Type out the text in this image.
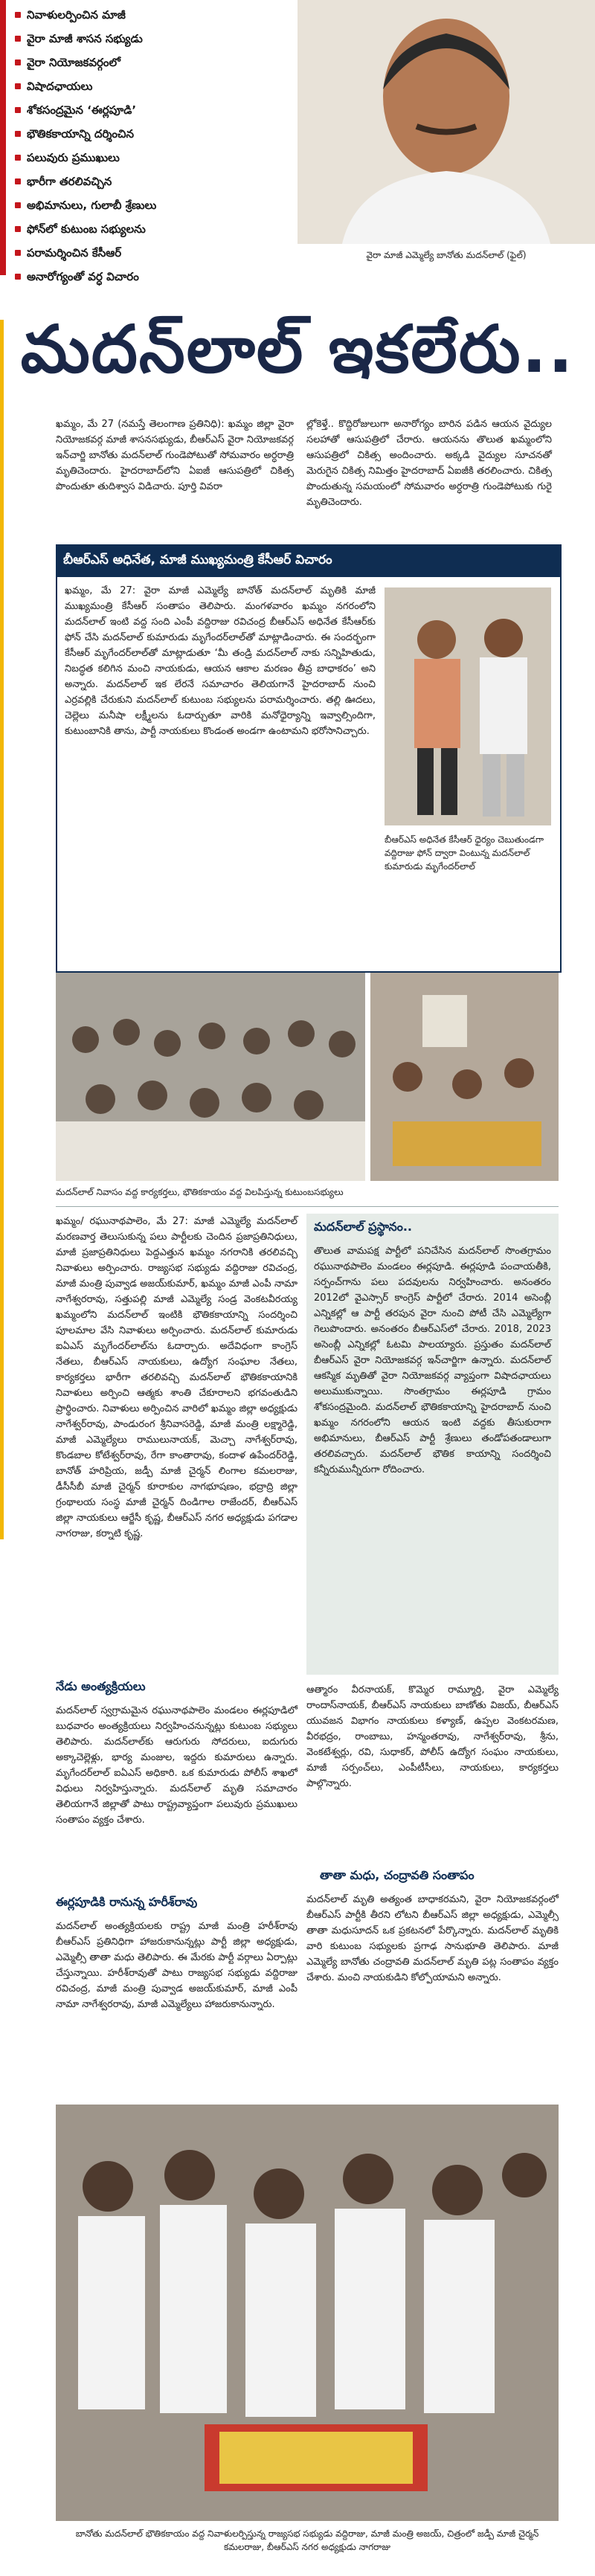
నివాళులర్పించిన మాజీ
వైరా మాజీ శాసన సభ్యుడు
వైరా నియోజకవర్గంలో
విషాదఛాయలు
శోకసంద్రమైన ‘ఈర్లపూడి’
భౌతికకాయాన్ని దర్శించిన
పలువురు ప్రముఖులు
భారీగా తరలివచ్చిన
అభిమానులు, గులాబీ శ్రేణులు
ఫోన్‌లో కుటుంబ సభ్యులను
పరామర్శించిన కేసీఆర్
అనారోగ్యంతో వర్ధ విచారం
వైరా మాజీ ఎమ్మెల్యే బానోతు మదన్‌లాల్ (ఫైల్)
మదన్‌లాల్ ఇకలేరు..
ఖమ్మం, మే 27 (నమస్తే తెలంగాణ ప్రతినిధి): ఖమ్మం జిల్లా వైరా నియోజకవర్గ మాజీ శాసనసభ్యుడు, బీఆర్‌ఎస్ వైరా నియోజకవర్గ ఇన్‌చార్జి బానోతు మదన్‌లాల్ గుండెపోటుతో సోమవారం అర్ధరాత్రి మృతిచెందారు. హైదరాబాద్‌లోని ఏఐజీ ఆసుపత్రిలో చికిత్స పొందుతూ తుదిశ్వాస విడిచారు. పూర్తి వివరా
ల్లోకెళ్తే.. కొద్దిరోజులుగా అనారోగ్యం బారిన పడిన ఆయన వైద్యుల సలహాతో ఆసుపత్రిలో చేరారు. ఆయనను తొలుత ఖమ్మంలోని ఆసుపత్రిలో చికిత్స అందించారు. అక్కడి వైద్యుల సూచనతో మెరుగైన చికిత్స నిమిత్తం హైదరాబాద్ ఏఐజీకి తరలించారు. చికిత్స పొందుతున్న సమయంలో సోమవారం అర్ధరాత్రి గుండెపోటుకు గురై మృతిచెందారు.
బీఆర్‌ఎస్ అధినేత, మాజీ ముఖ్యమంత్రి కేసీఆర్ విచారం
ఖమ్మం, మే 27: వైరా మాజీ ఎమ్మెల్యే బానోత్ మదన్‌లాల్ మృతికి మాజీ ముఖ్యమంత్రి కేసీఆర్ సంతాపం తెలిపారు. మంగళవారం ఖమ్మం నగరంలోని మదన్‌లాల్ ఇంటి వద్ద సంది ఎంపీ వద్దిరాజు రవిచంద్ర బీఆర్‌ఎస్ అధినేత కేసీఆర్‌కు ఫోన్ చేసి మదన్‌లాల్ కుమారుడు మృగేందర్‌లాల్‌తో మాట్లాడించారు. ఈ సందర్భంగా కేసీఆర్ మృగేందర్‌లాల్‌తో మాట్లాడుతూ ‘మీ తండ్రి మదన్‌లాల్ నాకు సన్నిహితుడు, నిబద్ధత కలిగిన మంచి నాయకుడు, ఆయన ఆకాల మరణం తీవ్ర బాధాకరం’ అని అన్నారు. మదన్‌లాల్ ఇక లేరనే సమాచారం తెలియగానే హైదరాబాద్ నుంచి ఎర్రవల్లికి చేరుకుని మదన్‌లాల్ కుటుంబ సభ్యులను పరామర్శించారు. తల్లి ఊదలు, చెల్లెలు మనీషా లక్ష్మీలను ఓదార్చుతూ వారికి మనోధైర్యాన్ని ఇవ్వాల్సిందిగా, కుటుంబానికి తాను, పార్టీ నాయకులు కొండంత అండగా ఉంటామని భరోసానిచ్చారు.
బీఆర్‌ఎస్ అధినేత కేసీఆర్ ధైర్యం చెబుతుండగా వద్దిరాజు ఫోన్ ద్వారా వింటున్న మదన్‌లాల్ కుమారుడు మృగేందర్‌లాల్
మదన్‌లాల్ నివాసం వద్ద కార్యకర్తలు, భౌతికకాయం వద్ద విలపిస్తున్న కుటుంబసభ్యులు
ఖమ్మం/ రఘునాథపాలెం, మే 27: మాజీ ఎమ్మెల్యే మదన్‌లాల్ మరణవార్త తెలుసుకున్న పలు పార్టీలకు చెందిన ప్రజాప్రతినిధులు, మాజీ ప్రజాప్రతినిధులు పెద్దఎత్తున ఖమ్మం నగరానికి తరలివచ్చి నివాళులు అర్పించారు. రాజ్యసభ సభ్యుడు వద్దిరాజు రవిచంద్ర, మాజీ మంత్రి పువ్వాడ అజయ్‌కుమార్, ఖమ్మం మాజీ ఎంపీ నామా నాగేశ్వరరావు, సత్తుపల్లి మాజీ ఎమ్మెల్యే సండ్ర వెంకటవీరయ్య ఖమ్మంలోని మదన్‌లాల్ ఇంటికి భౌతికకాయాన్ని సందర్శించి పూలమాల వేసి నివాళులు అర్పించారు. మదన్‌లాల్ కుమారుడు ఐఏఎస్ మృగేందర్‌లాల్‌ను ఓదార్చారు. అదేవిధంగా కాంగ్రెస్ నేతలు, బీఆర్‌ఎస్ నాయకులు, ఉద్యోగ సంఘాల నేతలు, కార్యకర్తలు భారీగా తరలివచ్చి మదన్‌లాల్ భౌతికకాయానికి నివాళులు అర్పించి ఆత్మకు శాంతి చేకూరాలని భగవంతుడిని ప్రార్థించారు. నివాళులు అర్పించిన వారిలో ఖమ్మం జిల్లా అధ్యక్షుడు నాగేశ్వర్‌రావు, పాండురంగ శ్రీనివాసరెడ్డి, మాజీ మంత్రి లక్ష్మారెడ్డి, మాజీ ఎమ్మెల్యేలు రాములునాయక్, మెచ్చా నాగేశ్వర్‌రావు, కొండబాల కోటేశ్వర్‌రావు, రేగా కాంతారావు, కందాళ ఉపేందర్‌రెడ్డి, బానోత్ హరిప్రియ, జడ్పీ మాజీ చైర్మన్ లింగాల కమలరాజు, డీసీసీబీ మాజీ చైర్మన్ కూరాకుల నాగభూషణం, భద్రాద్రి జిల్లా గ్రంథాలయ సంస్థ మాజీ చైర్మన్ దిండిగాల రాజేందర్, బీఆర్‌ఎస్ జిల్లా నాయకులు ఆర్జేసీ కృష్ణ, బీఆర్ఎస్ నగర అధ్యక్షుడు పగడాల నాగరాజు, కర్నాటి కృష్ణ.
మదన్‌లాల్ ప్రస్థానం..
తొలుత వామపక్ష పార్టీలో పనిచేసిన మదన్‌లాల్ సొంతగ్రామం రఘునాథపాలెం మండలం ఈర్లపూడి. ఈర్లపూడి పంచాయతీకి, సర్పంచ్‌గాను పలు పదవులను నిర్వహించారు. అనంతరం 2012లో వైఎస్సార్ కాంగ్రెస్ పార్టీలో చేరారు. 2014 అసెంబ్లీ ఎన్నికల్లో ఆ పార్టీ తరపున వైరా నుంచి పోటీ చేసి ఎమ్మెల్యేగా గెలుపొందారు. అనంతరం బీఆర్‌ఎస్‌లో చేరారు. 2018, 2023 అసెంబ్లీ ఎన్నికల్లో ఓటమి పాలయ్యారు. ప్రస్తుతం మదన్‌లాల్ బీఆర్‌ఎస్ వైరా నియోజకవర్గ ఇన్‌చార్జిగా ఉన్నారు. మదన్‌లాల్ ఆకస్మిక మృతితో వైరా నియోజకవర్గ వ్యాప్తంగా విషాదఛాయలు అలుముకున్నాయి. సొంతగ్రామం ఈర్లపూడి గ్రామం శోకసంద్రమైంది. మదన్‌లాల్ భౌతికకాయాన్ని హైదరాబాద్ నుంచి ఖమ్మం నగరంలోని ఆయన ఇంటి వద్దకు తీసుకురాగా అభిమానులు, బీఆర్‌ఎస్ పార్టీ శ్రేణులు తండోపతండాలుగా తరలివచ్చారు. మదన్‌లాల్ భౌతిక కాయాన్ని సందర్శించి కన్నీరుమున్నీరుగా రోదించారు.
నేడు అంత్యక్రియలు
మదన్‌లాల్ స్వగ్రామమైన రఘునాథపాలెం మండలం ఈర్లపూడిలో బుధవారం అంత్యక్రియలు నిర్వహించనున్నట్లు కుటుంబ సభ్యులు తెలిపారు. మదన్‌లాల్‌కు ఆరుగురు సోదరులు, ఐదుగురు అక్కాచెల్లెళ్లు, భార్య మంజుల, ఇద్దరు కుమారులు ఉన్నారు. మృగేందర్‌లాల్ ఐఏఎస్ అధికారి. ఒక కుమారుడు పోలీస్ శాఖలో విధులు నిర్వహిస్తున్నారు. మదన్‌లాల్ మృతి సమాచారం తెలియగానే జిల్లాతో పాటు రాష్ట్రవ్యాప్తంగా పలువురు ప్రముఖులు సంతాపం వ్యక్తం చేశారు.
ఈర్లపూడికి రానున్న హరీశ్‌రావు
మదన్‌లాల్ అంత్యక్రియలకు రాష్ట్ర మాజీ మంత్రి హరీశ్‌రావు బీఆర్‌ఎస్ ప్రతినిధిగా హాజరుకానున్నట్లు పార్టీ జిల్లా అధ్యక్షుడు, ఎమ్మెల్సీ తాతా మధు తెలిపారు. ఈ మేరకు పార్టీ వర్గాలు ఏర్పాట్లు చేస్తున్నాయి. హరీశ్‌రావుతో పాటు రాజ్యసభ సభ్యుడు వద్దిరాజు రవిచంద్ర, మాజీ మంత్రి పువ్వాడ అజయ్‌కుమార్, మాజీ ఎంపీ నామా నాగేశ్వరరావు, మాజీ ఎమ్మెల్యేలు హాజరుకానున్నారు.
ఆత్మారం వీరనాయక్, కొమ్మెర రామ్మూర్తి, వైరా ఎమ్మెల్యే రాందాస్‌నాయక్, బీఆర్‌ఎస్ నాయకులు బాణోతు విజయ్, బీఆర్‌ఎస్ యువజన విభాగం నాయకులు కళ్యాణ్, ఉప్పల వెంకటరమణ, వీరభద్రం, రాంబాబు, హన్మంతరావు, నాగేశ్వర్‌రావు, శ్రీను, వెంకటేశ్వర్లు, రవి, సుధాకర్, పోలీస్ ఉద్యోగ సంఘం నాయకులు, మాజీ సర్పంచ్‌లు, ఎంపీటీసీలు, నాయకులు, కార్యకర్తలు పాల్గొన్నారు.
తాతా మధు, చంద్రావతి సంతాపం
మదన్‌లాల్ మృతి అత్యంత బాధాకరమని, వైరా నియోజకవర్గంలో బీఆర్‌ఎస్ పార్టీకి తీరని లోటని బీఆర్‌ఎస్ జిల్లా అధ్యక్షుడు, ఎమ్మెల్సీ తాతా మధుసూదన్ ఒక ప్రకటనలో పేర్కొన్నారు. మదన్‌లాల్ మృతికి వారి కుటుంబ సభ్యులకు ప్రగాఢ సానుభూతి తెలిపారు. మాజీ ఎమ్మెల్యే బానోతు చంద్రావతి మదన్‌లాల్ మృతి పట్ల సంతాపం వ్యక్తం చేశారు. మంచి నాయకుడిని కోల్పోయామని అన్నారు.
బానోతు మదన్‌లాల్ భౌతికకాయం వద్ద నివాళులర్పిస్తున్న రాజ్యసభ సభ్యుడు వద్దిరాజు, మాజీ మంత్రి అజయ్, చిత్రంలో జడ్పీ మాజీ చైర్మన్ కమలరాజు, బీఆర్‌ఎస్ నగర అధ్యక్షుడు నాగరాజు
